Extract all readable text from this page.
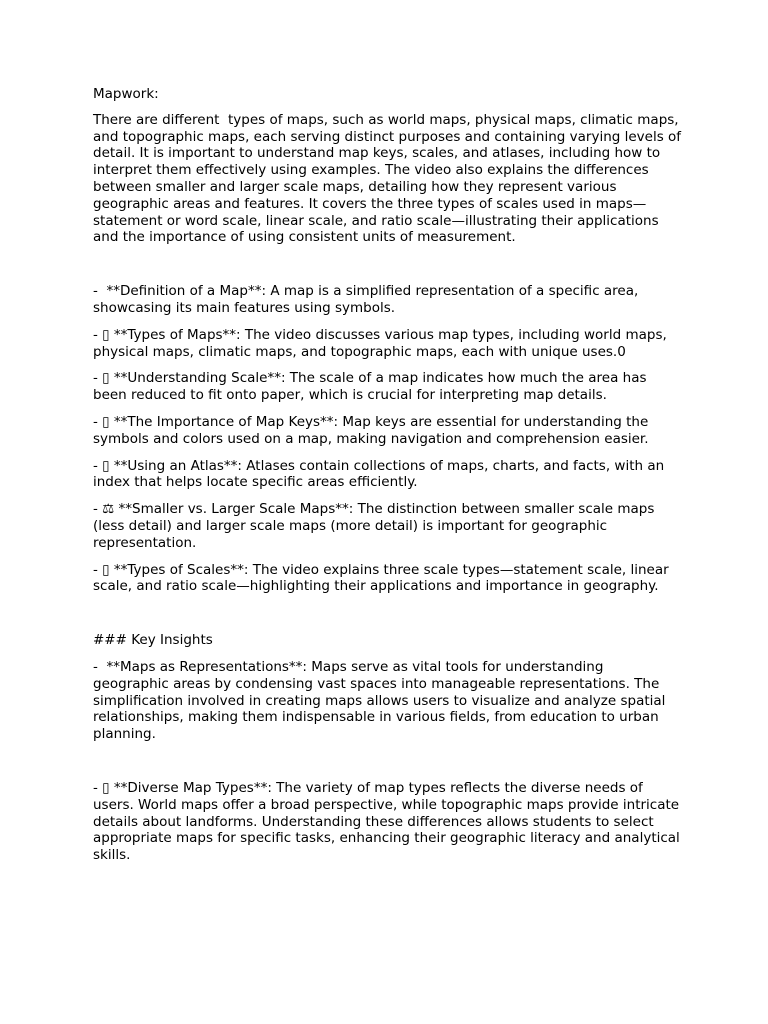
Mapwork:

There are different  types of maps, such as world maps, physical maps, climatic maps, and topographic maps, each serving distinct purposes and containing varying levels of detail. It is important to understand map keys, scales, and atlases, including how to interpret them effectively using examples. The video also explains the differences between smaller and larger scale maps, detailing how they represent various geographic areas and features. It covers the three types of scales used in maps—statement or word scale, linear scale, and ratio scale—illustrating their applications and the importance of using consistent units of measurement.

-  **Definition of a Map**: A map is a simplified representation of a specific area, showcasing its main features using symbols.

- ▯ **Types of Maps**: The video discusses various map types, including world maps, physical maps, climatic maps, and topographic maps, each with unique uses.0

- ▯ **Understanding Scale**: The scale of a map indicates how much the area has been reduced to fit onto paper, which is crucial for interpreting map details.

- ▯ **The Importance of Map Keys**: Map keys are essential for understanding the symbols and colors used on a map, making navigation and comprehension easier.

- ▯ **Using an Atlas**: Atlases contain collections of maps, charts, and facts, with an index that helps locate specific areas efficiently.

- ⚖ **Smaller vs. Larger Scale Maps**: The distinction between smaller scale maps (less detail) and larger scale maps (more detail) is important for geographic representation.

- ▯ **Types of Scales**: The video explains three scale types—statement scale, linear scale, and ratio scale—highlighting their applications and importance in geography.

### Key Insights

-  **Maps as Representations**: Maps serve as vital tools for understanding geographic areas by condensing vast spaces into manageable representations. The simplification involved in creating maps allows users to visualize and analyze spatial relationships, making them indispensable in various fields, from education to urban planning.

- ▯ **Diverse Map Types**: The variety of map types reflects the diverse needs of users. World maps offer a broad perspective, while topographic maps provide intricate details about landforms. Understanding these differences allows students to select appropriate maps for specific tasks, enhancing their geographic literacy and analytical skills.
